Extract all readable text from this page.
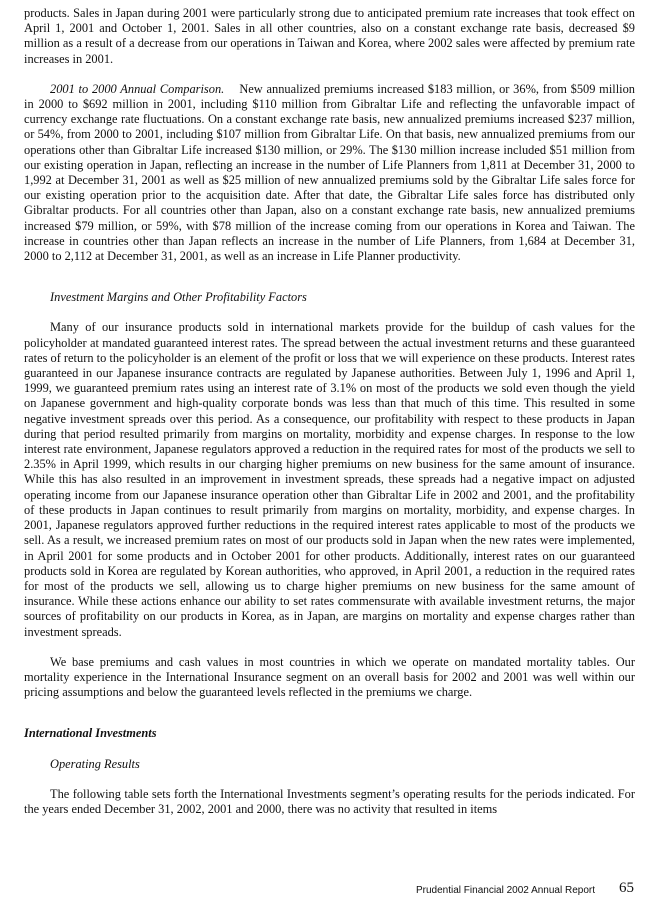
products. Sales in Japan during 2001 were particularly strong due to anticipated premium rate increases that took effect on April 1, 2001 and October 1, 2001. Sales in all other countries, also on a constant exchange rate basis, decreased $9 million as a result of a decrease from our operations in Taiwan and Korea, where 2002 sales were affected by premium rate increases in 2001.

2001 to 2000 Annual Comparison. New annualized premiums increased $183 million, or 36%, from $509 million in 2000 to $692 million in 2001, including $110 million from Gibraltar Life and reflecting the unfavorable impact of currency exchange rate fluctuations. On a constant exchange rate basis, new annualized premiums increased $237 million, or 54%, from 2000 to 2001, including $107 million from Gibraltar Life. On that basis, new annualized premiums from our operations other than Gibraltar Life increased $130 million, or 29%. The $130 million increase included $51 million from our existing operation in Japan, reflecting an increase in the number of Life Planners from 1,811 at December 31, 2000 to 1,992 at December 31, 2001 as well as $25 million of new annualized premiums sold by the Gibraltar Life sales force for our existing operation prior to the acquisition date. After that date, the Gibraltar Life sales force has distributed only Gibraltar products. For all countries other than Japan, also on a constant exchange rate basis, new annualized premiums increased $79 million, or 59%, with $78 million of the increase coming from our operations in Korea and Taiwan. The increase in countries other than Japan reflects an increase in the number of Life Planners, from 1,684 at December 31, 2000 to 2,112 at December 31, 2001, as well as an increase in Life Planner productivity.

Investment Margins and Other Profitability Factors

Many of our insurance products sold in international markets provide for the buildup of cash values for the policyholder at mandated guaranteed interest rates. The spread between the actual investment returns and these guaranteed rates of return to the policyholder is an element of the profit or loss that we will experience on these products. Interest rates guaranteed in our Japanese insurance contracts are regulated by Japanese authorities. Between July 1, 1996 and April 1, 1999, we guaranteed premium rates using an interest rate of 3.1% on most of the products we sold even though the yield on Japanese government and high-quality corporate bonds was less than that much of this time. This resulted in some negative investment spreads over this period. As a consequence, our profitability with respect to these products in Japan during that period resulted primarily from margins on mortality, morbidity and expense charges. In response to the low interest rate environment, Japanese regulators approved a reduction in the required rates for most of the products we sell to 2.35% in April 1999, which results in our charging higher premiums on new business for the same amount of insurance. While this has also resulted in an improvement in investment spreads, these spreads had a negative impact on adjusted operating income from our Japanese insurance operation other than Gibraltar Life in 2002 and 2001, and the profitability of these products in Japan continues to result primarily from margins on mortality, morbidity, and expense charges. In 2001, Japanese regulators approved further reductions in the required interest rates applicable to most of the products we sell. As a result, we increased premium rates on most of our products sold in Japan when the new rates were implemented, in April 2001 for some products and in October 2001 for other products. Additionally, interest rates on our guaranteed products sold in Korea are regulated by Korean authorities, who approved, in April 2001, a reduction in the required rates for most of the products we sell, allowing us to charge higher premiums on new business for the same amount of insurance. While these actions enhance our ability to set rates commensurate with available investment returns, the major sources of profitability on our products in Korea, as in Japan, are margins on mortality and expense charges rather than investment spreads.

We base premiums and cash values in most countries in which we operate on mandated mortality tables. Our mortality experience in the International Insurance segment on an overall basis for 2002 and 2001 was well within our pricing assumptions and below the guaranteed levels reflected in the premiums we charge.

International Investments

Operating Results

The following table sets forth the International Investments segment’s operating results for the periods indicated. For the years ended December 31, 2002, 2001 and 2000, there was no activity that resulted in items

Prudential Financial 2002 Annual Report 65
